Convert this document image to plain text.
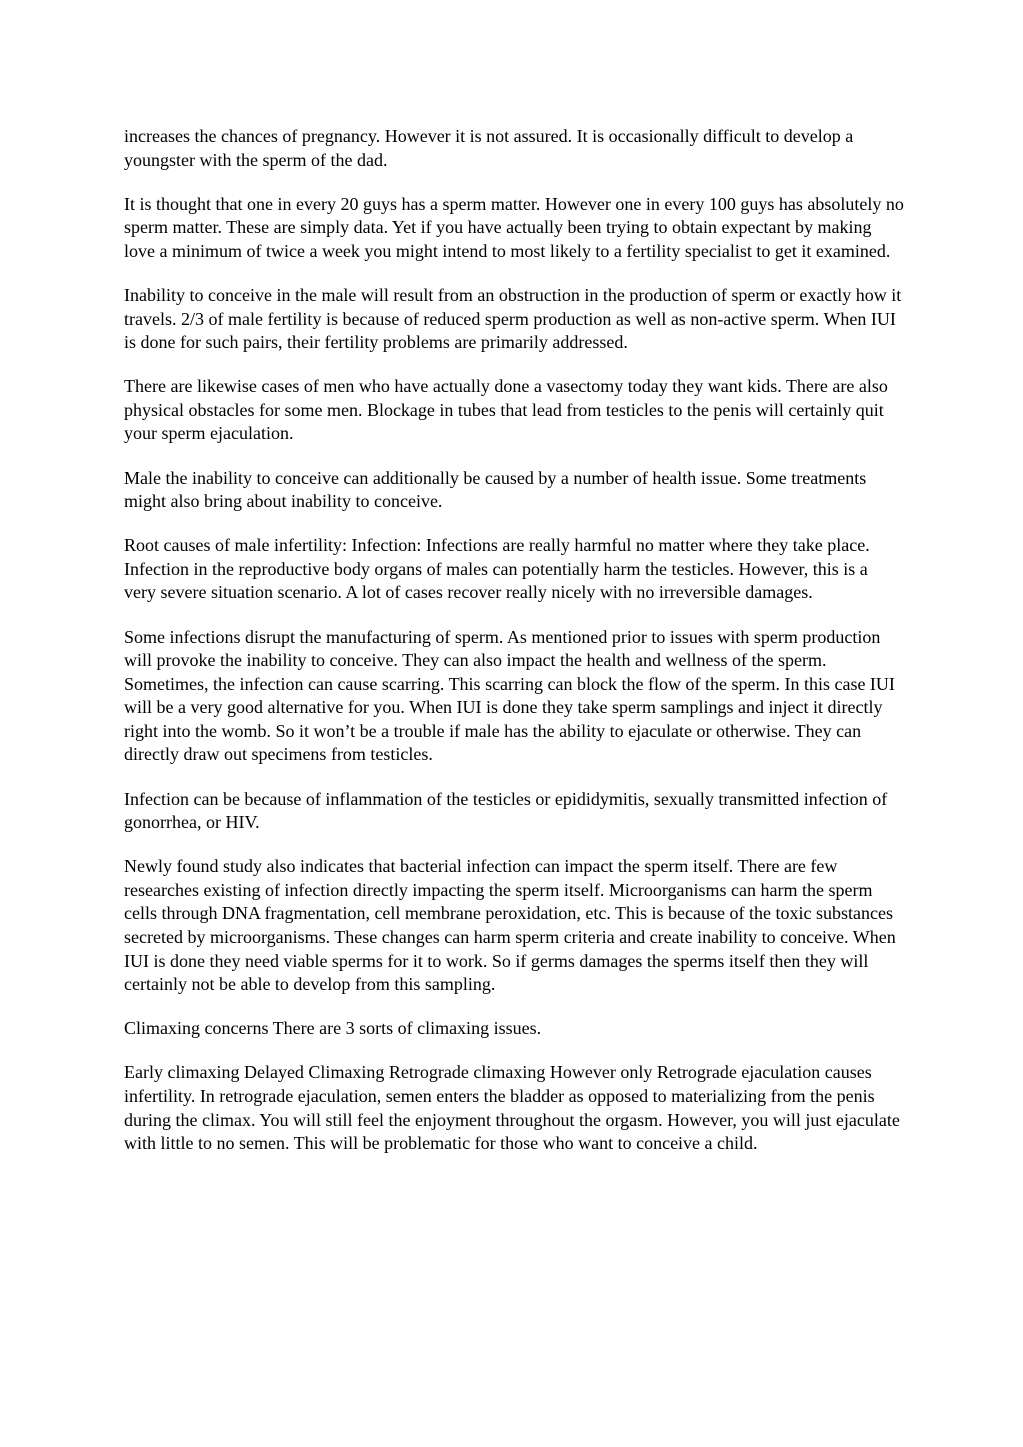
increases the chances of pregnancy. However it is not assured. It is occasionally difficult to develop a youngster with the sperm of the dad.

It is thought that one in every 20 guys has a sperm matter. However one in every 100 guys has absolutely no sperm matter. These are simply data. Yet if you have actually been trying to obtain expectant by making love a minimum of twice a week you might intend to most likely to a fertility specialist to get it examined.

Inability to conceive in the male will result from an obstruction in the production of sperm or exactly how it travels. 2/3 of male fertility is because of reduced sperm production as well as non-active sperm. When IUI is done for such pairs, their fertility problems are primarily addressed.

There are likewise cases of men who have actually done a vasectomy today they want kids. There are also physical obstacles for some men. Blockage in tubes that lead from testicles to the penis will certainly quit your sperm ejaculation.

Male the inability to conceive can additionally be caused by a number of health issue. Some treatments might also bring about inability to conceive.

Root causes of male infertility: Infection: Infections are really harmful no matter where they take place. Infection in the reproductive body organs of males can potentially harm the testicles. However, this is a very severe situation scenario. A lot of cases recover really nicely with no irreversible damages.

Some infections disrupt the manufacturing of sperm. As mentioned prior to issues with sperm production will provoke the inability to conceive. They can also impact the health and wellness of the sperm. Sometimes, the infection can cause scarring. This scarring can block the flow of the sperm. In this case IUI will be a very good alternative for you. When IUI is done they take sperm samplings and inject it directly right into the womb. So it won’t be a trouble if male has the ability to ejaculate or otherwise. They can directly draw out specimens from testicles.

Infection can be because of inflammation of the testicles or epididymitis, sexually transmitted infection of gonorrhea, or HIV.

Newly found study also indicates that bacterial infection can impact the sperm itself. There are few researches existing of infection directly impacting the sperm itself. Microorganisms can harm the sperm cells through DNA fragmentation, cell membrane peroxidation, etc. This is because of the toxic substances secreted by microorganisms. These changes can harm sperm criteria and create inability to conceive. When IUI is done they need viable sperms for it to work. So if germs damages the sperms itself then they will certainly not be able to develop from this sampling.

Climaxing concerns There are 3 sorts of climaxing issues.

Early climaxing Delayed Climaxing Retrograde climaxing However only Retrograde ejaculation causes infertility. In retrograde ejaculation, semen enters the bladder as opposed to materializing from the penis during the climax. You will still feel the enjoyment throughout the orgasm. However, you will just ejaculate with little to no semen. This will be problematic for those who want to conceive a child.
